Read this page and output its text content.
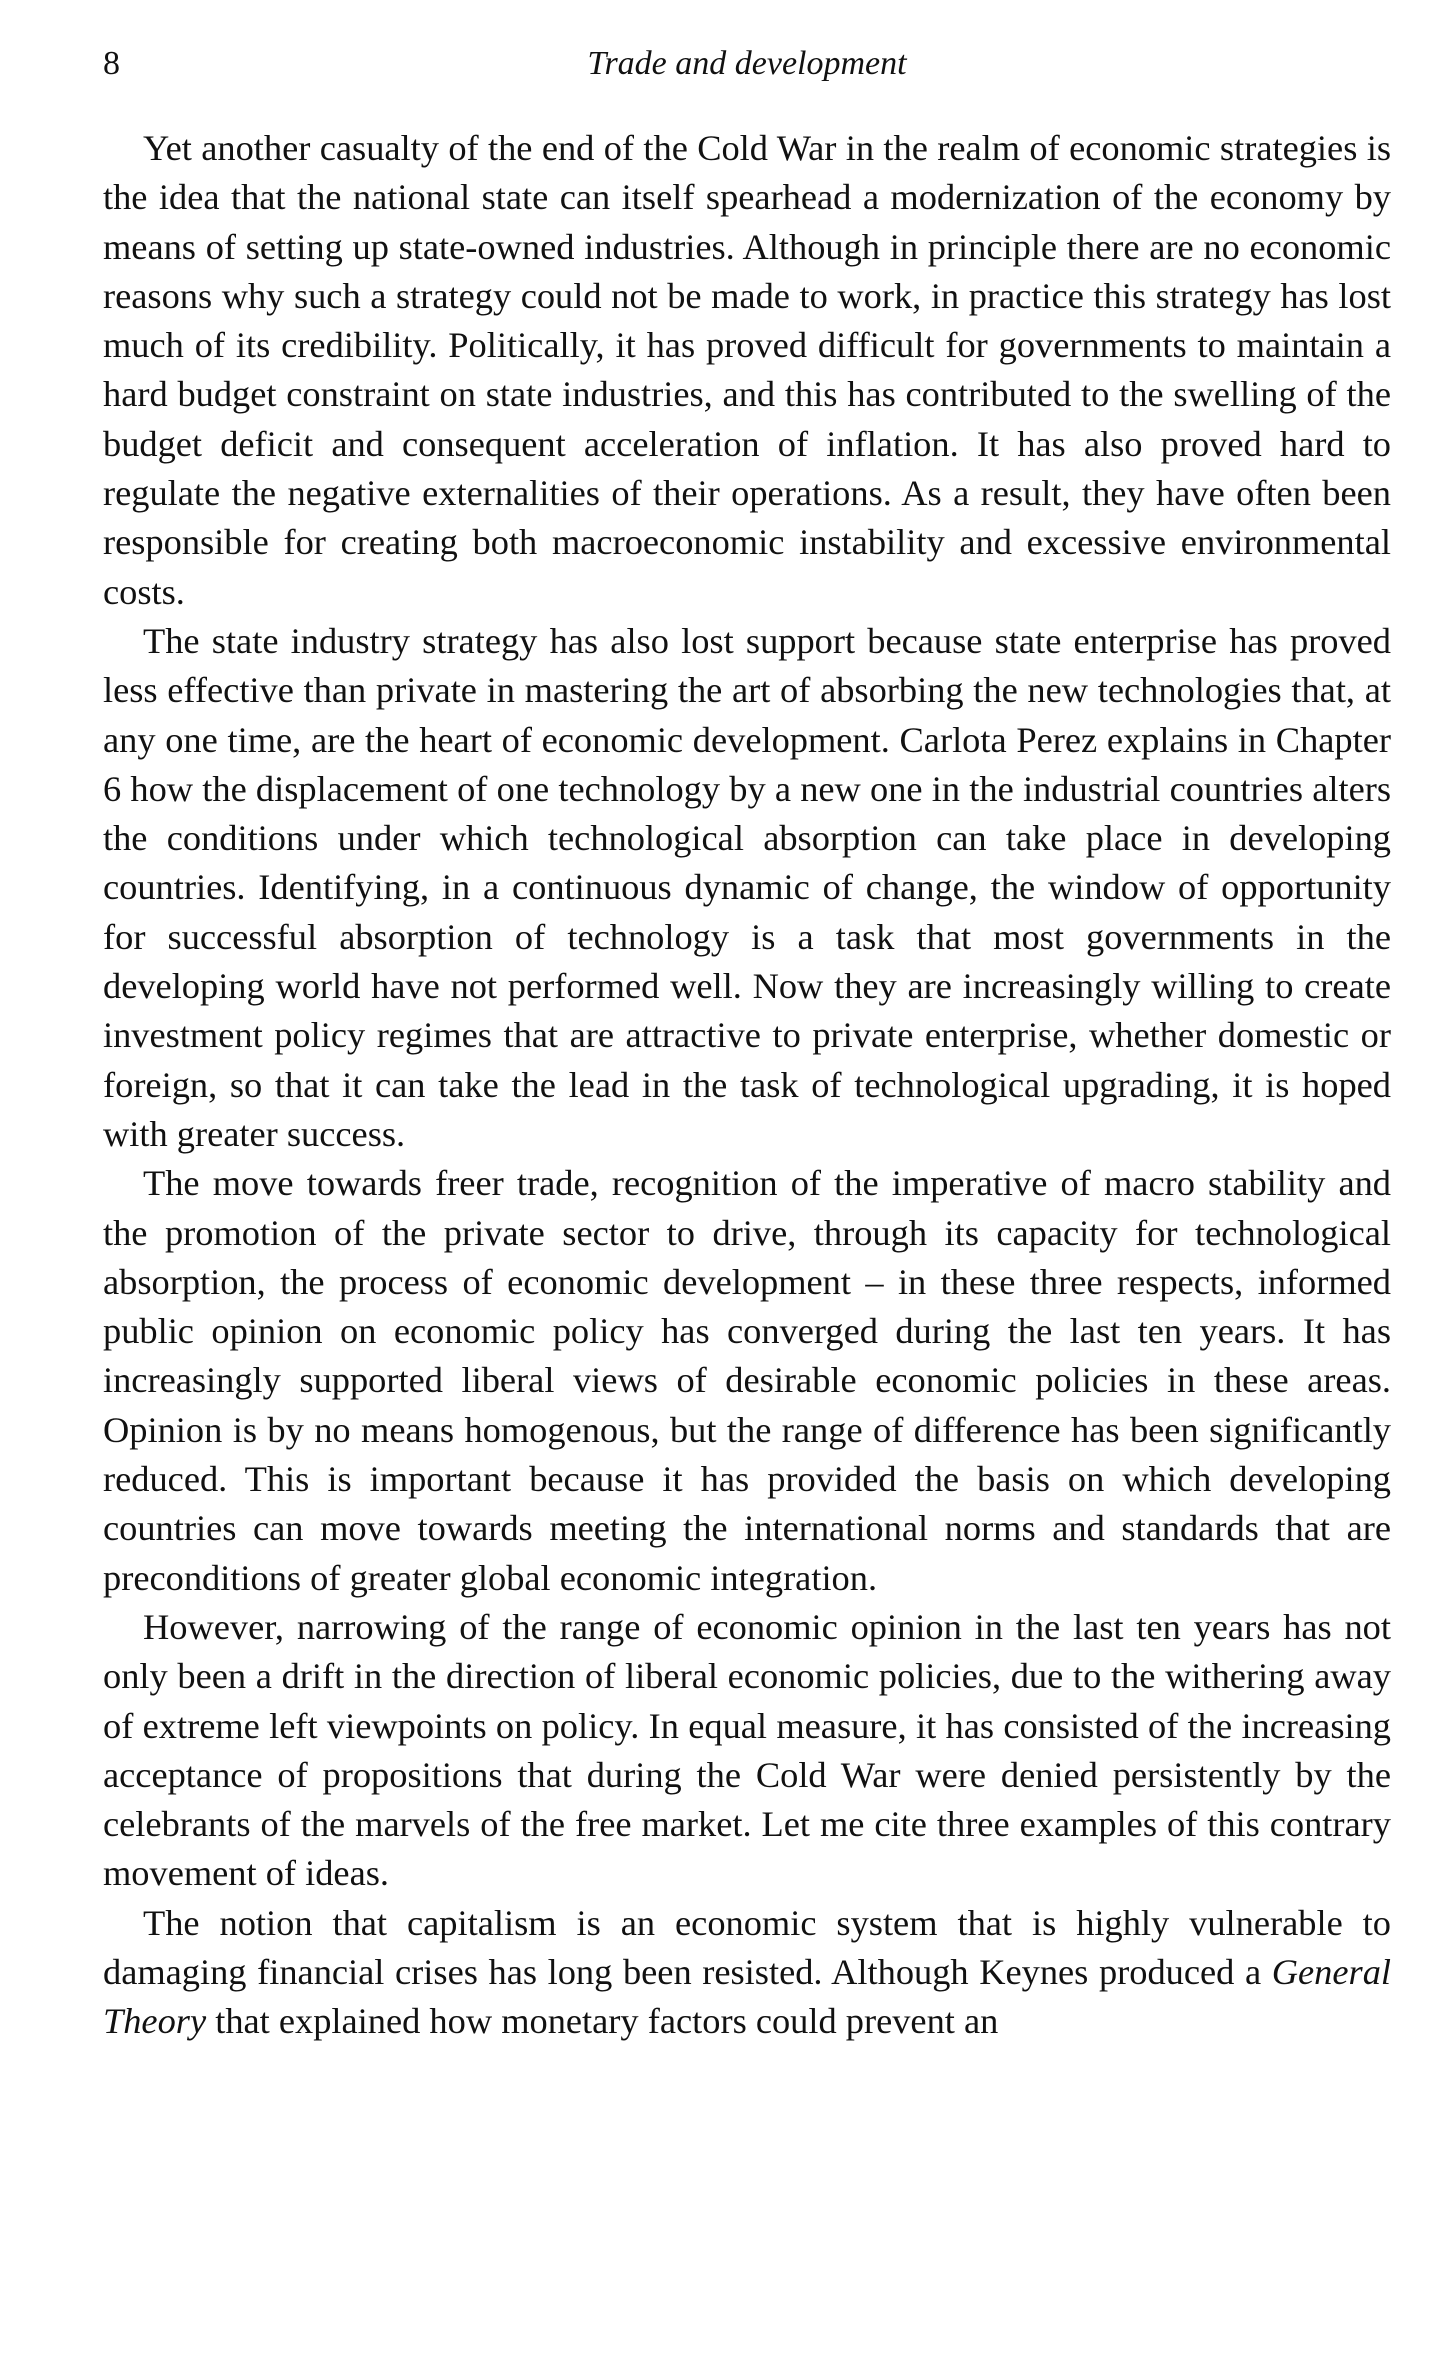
8	Trade and development

Yet another casualty of the end of the Cold War in the realm of economic strategies is the idea that the national state can itself spearhead a modernization of the economy by means of setting up state-owned industries. Although in principle there are no economic reasons why such a strategy could not be made to work, in practice this strategy has lost much of its credibility. Politically, it has proved difficult for governments to maintain a hard budget constraint on state industries, and this has contributed to the swelling of the budget deficit and consequent acceleration of inflation. It has also proved hard to regulate the negative externalities of their operations. As a result, they have often been responsible for creating both macroeconomic instability and excessive environmental costs.

The state industry strategy has also lost support because state enterprise has proved less effective than private in mastering the art of absorbing the new technologies that, at any one time, are the heart of economic development. Carlota Perez explains in Chapter 6 how the displacement of one technology by a new one in the industrial countries alters the conditions under which technological absorption can take place in developing countries. Identifying, in a continuous dynamic of change, the window of opportunity for successful absorption of technology is a task that most governments in the developing world have not performed well. Now they are increasingly willing to create investment policy regimes that are attractive to private enterprise, whether domestic or foreign, so that it can take the lead in the task of technological upgrading, it is hoped with greater success.

The move towards freer trade, recognition of the imperative of macro stability and the promotion of the private sector to drive, through its capacity for technological absorption, the process of economic development – in these three respects, informed public opinion on economic policy has converged during the last ten years. It has increasingly supported liberal views of desirable economic policies in these areas. Opinion is by no means homogenous, but the range of difference has been significantly reduced. This is important because it has provided the basis on which developing countries can move towards meeting the international norms and standards that are preconditions of greater global economic integration.

However, narrowing of the range of economic opinion in the last ten years has not only been a drift in the direction of liberal economic policies, due to the withering away of extreme left viewpoints on policy. In equal measure, it has consisted of the increasing acceptance of propositions that during the Cold War were denied persistently by the celebrants of the marvels of the free market. Let me cite three examples of this contrary movement of ideas.

The notion that capitalism is an economic system that is highly vulnerable to damaging financial crises has long been resisted. Although Keynes produced a General Theory that explained how monetary factors could prevent an
